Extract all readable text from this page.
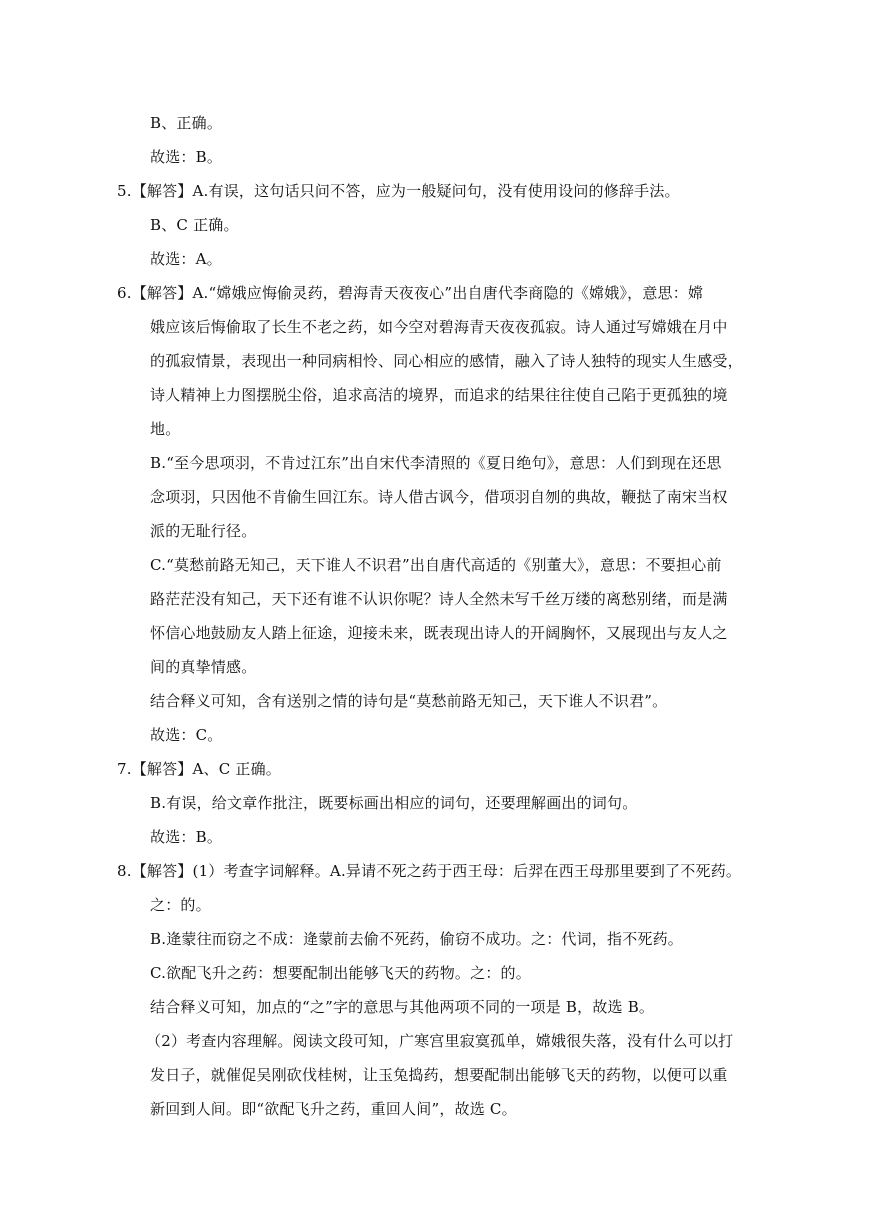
B、正确。
故选：B。
5.【解答】A.有误，这句话只问不答，应为一般疑问句，没有使用设问的修辞手法。
B、C 正确。
故选：A。
6.【解答】A.“嫦娥应悔偷灵药，碧海青天夜夜心”出自唐代李商隐的《嫦娥》，意思：嫦
娥应该后悔偷取了长生不老之药，如今空对碧海青天夜夜孤寂。诗人通过写嫦娥在月中
的孤寂情景，表现出一种同病相怜、同心相应的感情，融入了诗人独特的现实人生感受，
诗人精神上力图摆脱尘俗，追求高洁的境界，而追求的结果往往使自己陷于更孤独的境
地。
B.“至今思项羽，不肯过江东”出自宋代李清照的《夏日绝句》，意思：人们到现在还思
念项羽，只因他不肯偷生回江东。诗人借古讽今，借项羽自刎的典故，鞭挞了南宋当权
派的无耻行径。
C.“莫愁前路无知己，天下谁人不识君”出自唐代高适的《别董大》，意思：不要担心前
路茫茫没有知己，天下还有谁不认识你呢？诗人全然未写千丝万缕的离愁别绪，而是满
怀信心地鼓励友人踏上征途，迎接未来，既表现出诗人的开阔胸怀，又展现出与友人之
间的真挚情感。
结合释义可知，含有送别之情的诗句是“莫愁前路无知己，天下谁人不识君”。
故选：C。
7.【解答】A、C 正确。
B.有误，给文章作批注，既要标画出相应的词句，还要理解画出的词句。
故选：B。
8.【解答】(1）考查字词解释。A.异请不死之药于西王母：后羿在西王母那里要到了不死药。
之：的。
B.逄蒙往而窃之不成：逄蒙前去偷不死药，偷窃不成功。之：代词，指不死药。
C.欲配飞升之药：想要配制出能够飞天的药物。之：的。
结合释义可知，加点的“之”字的意思与其他两项不同的一项是 B，故选 B。
（2）考查内容理解。阅读文段可知，广寒宫里寂寞孤单，嫦娥很失落，没有什么可以打
发日子，就催促吴刚砍伐桂树，让玉兔捣药，想要配制出能够飞天的药物，以便可以重
新回到人间。即“欲配飞升之药，重回人间”，故选 C。
